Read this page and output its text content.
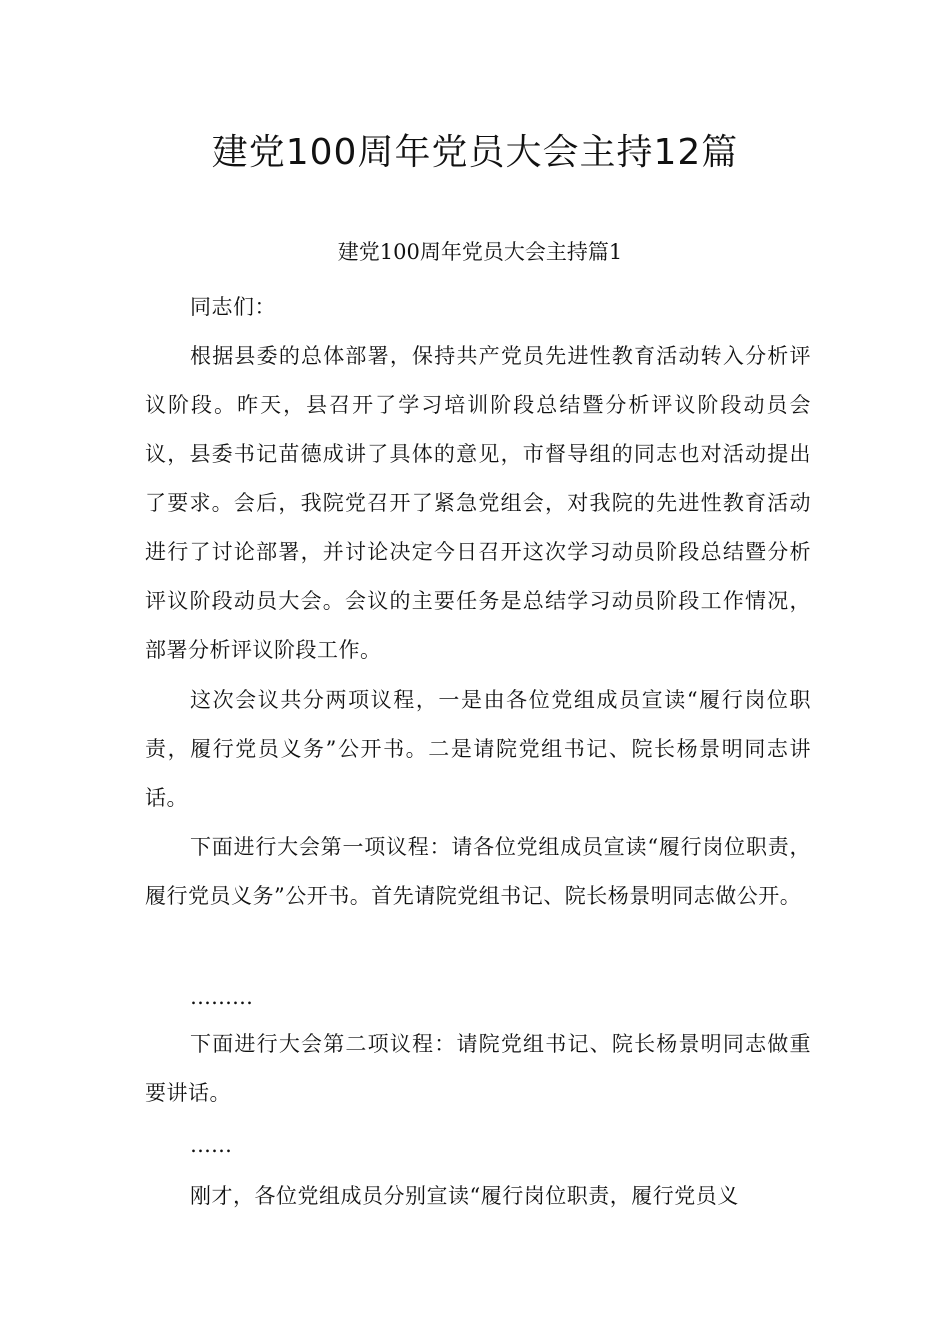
建党100周年党员大会主持12篇
建党100周年党员大会主持篇1
同志们：
根据县委的总体部署，保持共产党员先进性教育活动转入分析评议阶段。昨天，县召开了学习培训阶段总结暨分析评议阶段动员会议，县委书记苗德成讲了具体的意见，市督导组的同志也对活动提出了要求。会后，我院党召开了紧急党组会，对我院的先进性教育活动进行了讨论部署，并讨论决定今日召开这次学习动员阶段总结暨分析评议阶段动员大会。会议的主要任务是总结学习动员阶段工作情况，部署分析评议阶段工作。
这次会议共分两项议程，一是由各位党组成员宣读“履行岗位职责，履行党员义务”公开书。二是请院党组书记、院长杨景明同志讲话。
下面进行大会第一项议程：请各位党组成员宣读“履行岗位职责，履行党员义务”公开书。首先请院党组书记、院长杨景明同志做公开。
………
下面进行大会第二项议程：请院党组书记、院长杨景明同志做重要讲话。
……
刚才，各位党组成员分别宣读“履行岗位职责，履行党员义
